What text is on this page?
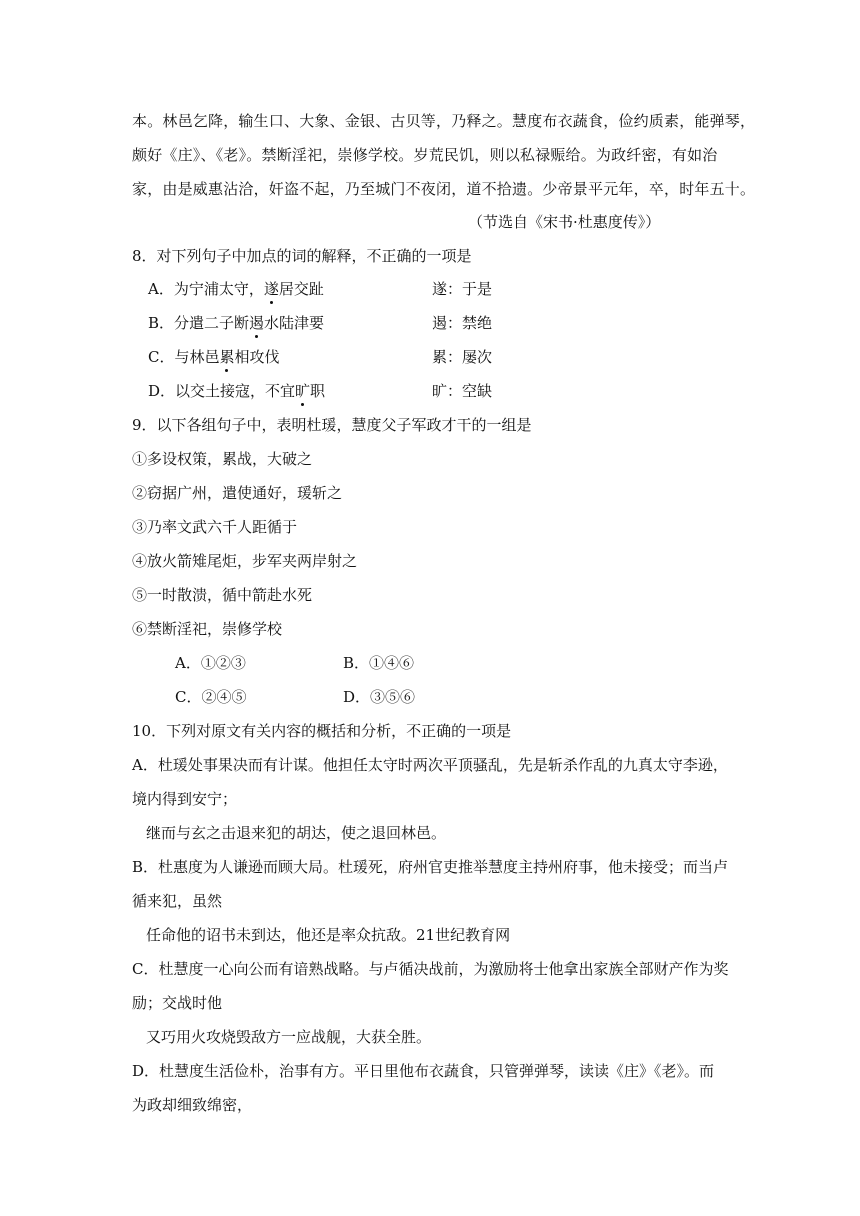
本。林邑乞降，输生口、大象、金银、古贝等，乃释之。慧度布衣蔬食，俭约质素，能弹琴，
颇好《庄》、《老》。禁断淫祀，崇修学校。岁荒民饥，则以私禄赈给。为政纤密，有如治
家，由是威惠沾洽，奸盗不起，乃至城门不夜闭，道不拾遗。少帝景平元年，卒，时年五十。
（节选自《宋书·杜惠度传》）
8．对下列句子中加点的词的解释，不正确的一项是
A．为宁浦太守，遂居交趾	遂：于是
B．分遣二子断遏水陆津要	遏：禁绝
C．与林邑累相攻伐	累：屡次
D．以交土接寇，不宜旷职	旷：空缺
9．以下各组句子中，表明杜瑗，慧度父子军政才干的一组是
①多设权策，累战，大破之
②窃据广州，遣使通好，瑗斩之
③乃率文武六千人距循于
④放火箭雉尾炬，步军夹两岸射之
⑤一时散溃，循中箭赴水死
⑥禁断淫祀，崇修学校
A．①②③	B．①④⑥
C．②④⑤	D．③⑤⑥
10．下列对原文有关内容的概括和分析，不正确的一项是
A．杜瑗处事果决而有计谋。他担任太守时两次平顶骚乱，先是斩杀作乱的九真太守李逊，
境内得到安宁；
继而与玄之击退来犯的胡达，使之退回林邑。
B．杜惠度为人谦逊而顾大局。杜瑗死，府州官吏推举慧度主持州府事，他未接受；而当卢
循来犯，虽然
任命他的诏书未到达，他还是率众抗敌。21世纪教育网
C．杜慧度一心向公而有谙熟战略。与卢循决战前，为激励将士他拿出家族全部财产作为奖
励；交战时他
又巧用火攻烧毁敌方一应战舰，大获全胜。
D．杜慧度生活俭朴，治事有方。平日里他布衣蔬食，只管弹弹琴，读读《庄》《老》。而
为政却细致绵密，
